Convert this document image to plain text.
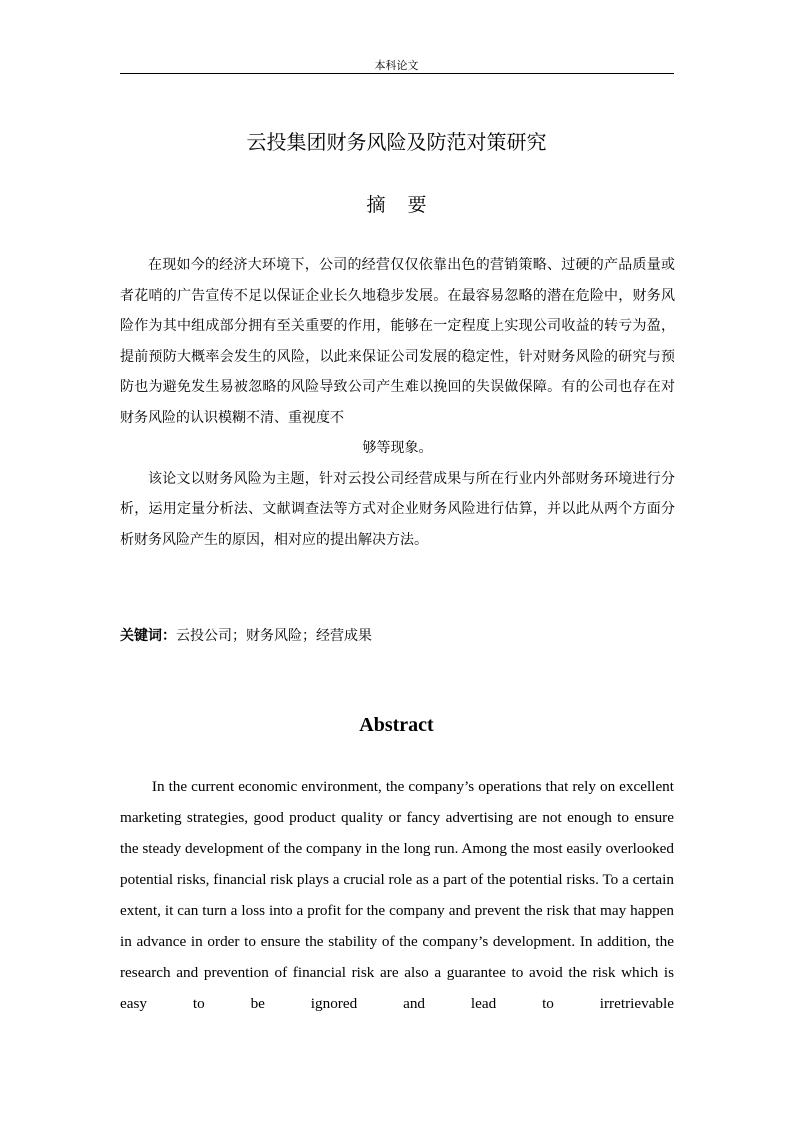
本科论文
云投集团财务风险及防范对策研究
摘要

在现如今的经济大环境下，公司的经营仅仅依靠出色的营销策略、过硬的产品质量或者花哨的广告宣传不足以保证企业长久地稳步发展。在最容易忽略的潜在危险中，财务风险作为其中组成部分拥有至关重要的作用，能够在一定程度上实现公司收益的转亏为盈，提前预防大概率会发生的风险，以此来保证公司发展的稳定性，针对财务风险的研究与预防也为避免发生易被忽略的风险导致公司产生难以挽回的失误做保障。有的公司也存在对财务风险的认识模糊不清、重视度不

够等现象。

该论文以财务风险为主题，针对云投公司经营成果与所在行业内外部财务环境进行分析，运用定量分析法、文献调查法等方式对企业财务风险进行估算，并以此从两个方面分析财务风险产生的原因，相对应的提出解决方法。

关键词：云投公司；财务风险；经营成果
Abstract

In the current economic environment, the company’s operations that rely on excellent marketing strategies, good product quality or fancy advertising are not enough to ensure the steady development of the company in the long run. Among the most easily overlooked potential risks, financial risk plays a crucial role as a part of the potential risks. To a certain extent, it can turn a loss into a profit for the company and prevent the risk that may happen in advance in order to ensure the stability of the company’s development. In addition, the research and prevention of financial risk are also a guarantee to avoid the risk which is easy to be ignored and lead to irretrievable
